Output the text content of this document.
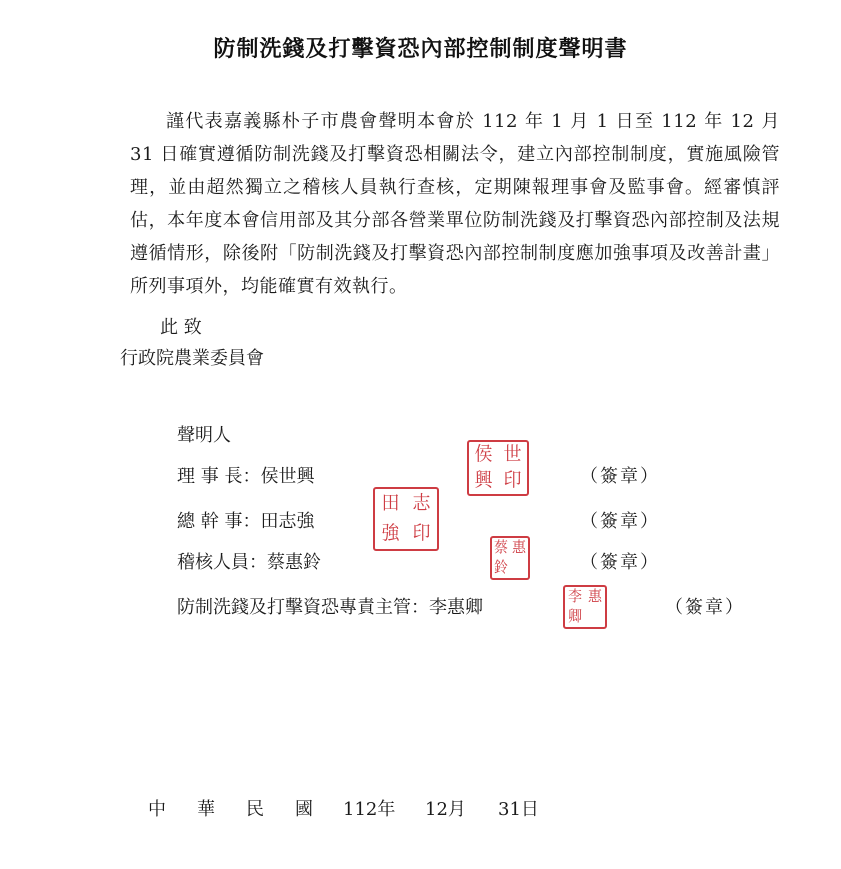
防制洗錢及打擊資恐內部控制制度聲明書
謹代表嘉義縣朴子市農會聲明本會於 112 年 1 月 1 日至 112 年 12 月 31 日確實遵循防制洗錢及打擊資恐相關法令，建立內部控制制度，實施風險管理，並由超然獨立之稽核人員執行查核，定期陳報理事會及監事會。經審慎評估，本年度本會信用部及其分部各營業單位防制洗錢及打擊資恐內部控制及法規遵循情形，除後附「防制洗錢及打擊資恐內部控制制度應加強事項及改善計畫」所列事項外，均能確實有效執行。
此 致
行政院農業委員會
聲明人
理 事 長：侯世興	（簽章）
總 幹 事：田志強	（簽章）
稽核人員：蔡惠鈴	（簽章）
防制洗錢及打擊資恐專責主管：李惠卿	（簽章）
侯 世
興 印
田 志
強 印
蔡 惠
鈴
李 惠
卿
中 華 民 國 112年 12月 31日
